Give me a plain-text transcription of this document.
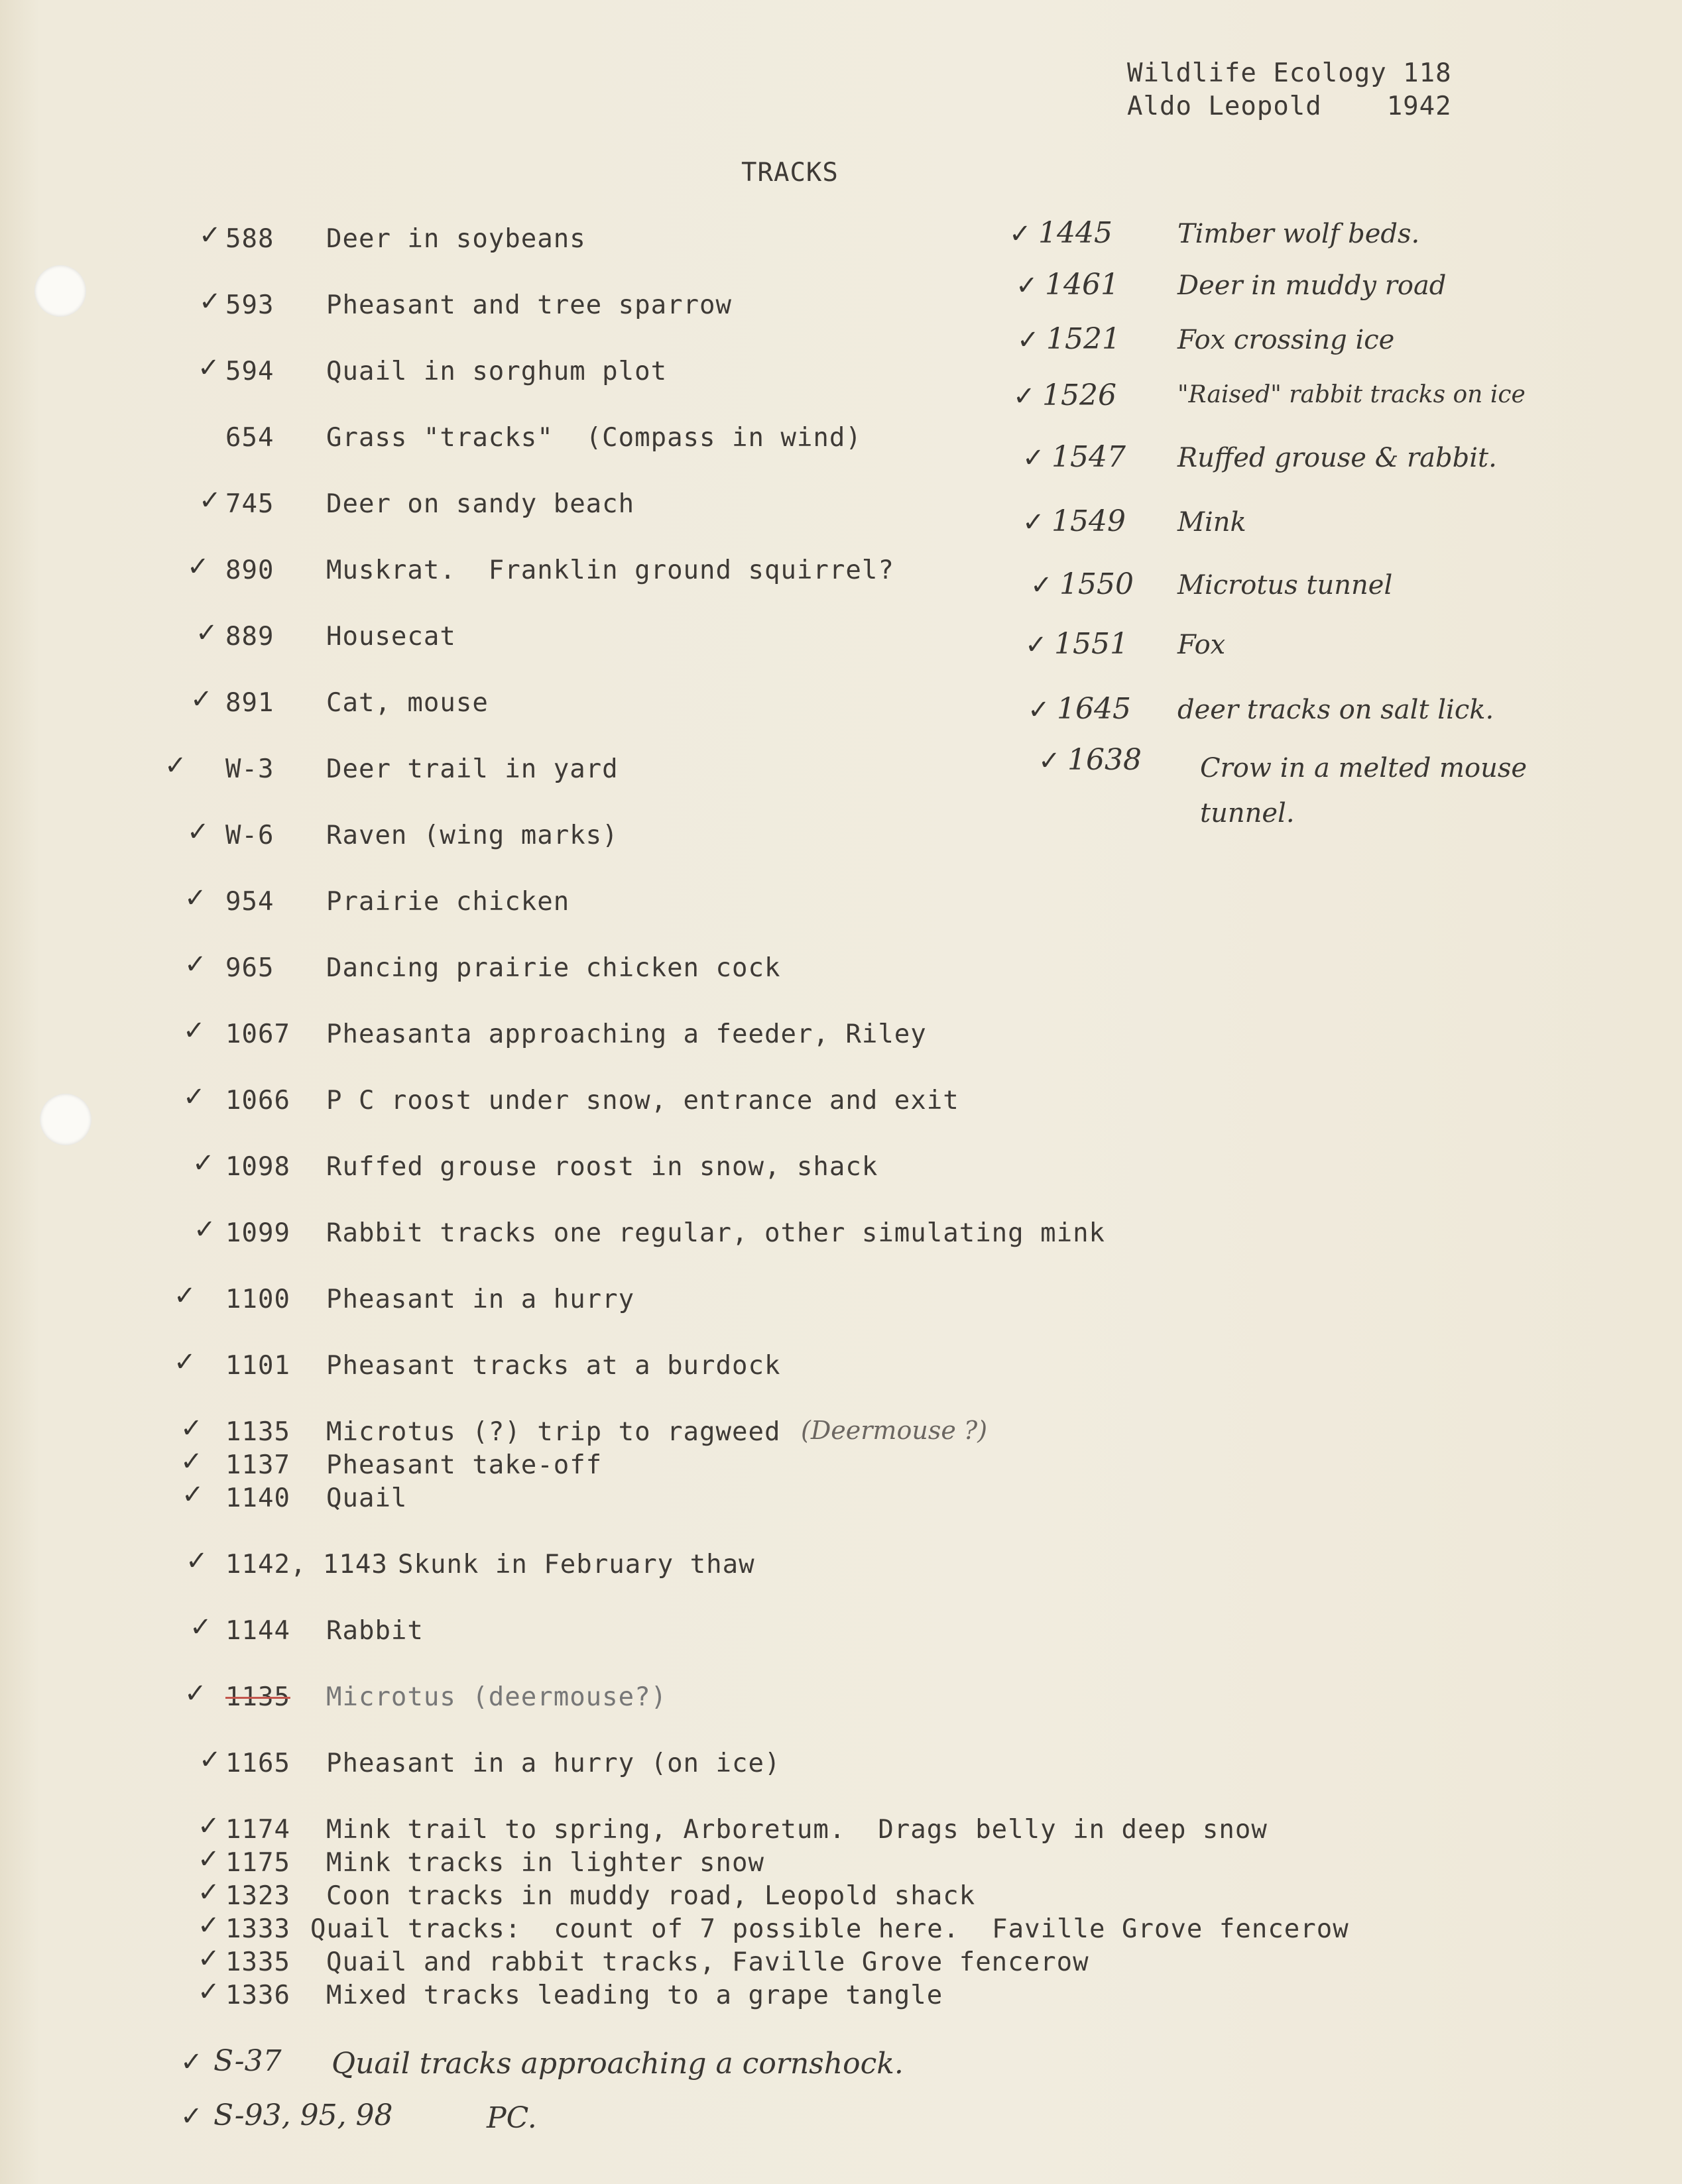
Wildlife Ecology 118
Aldo Leopold	1942
TRACKS
✓ 588 Deer in soybeans
✓ 593 Pheasant and tree sparrow
✓ 594 Quail in sorghum plot
654 Grass "tracks"  (Compass in wind)
✓ 745 Deer on sandy beach
✓ 890 Muskrat.  Franklin ground squirrel?
✓ 889 Housecat
✓ 891 Cat, mouse
✓ W-3 Deer trail in yard
✓ W-6 Raven (wing marks)
✓ 954 Prairie chicken
✓ 965 Dancing prairie chicken cock
✓ 1067 Pheasanta approaching a feeder, Riley
✓ 1066 P C roost under snow, entrance and exit
✓ 1098 Ruffed grouse roost in snow, shack
✓ 1099 Rabbit tracks one regular, other simulating mink
✓ 1100 Pheasant in a hurry
✓ 1101 Pheasant tracks at a burdock
✓ 1135 Microtus (?) trip to ragweed (Deermouse ?)
✓ 1137 Pheasant take-off
✓ 1140 Quail
✓ 1142, 1143 Skunk in February thaw
✓ 1144 Rabbit
✓ 1135 Microtus (deermouse?)
✓ 1165 Pheasant in a hurry (on ice)
✓ 1174 Mink trail to spring, Arboretum.  Drags belly in deep snow
✓ 1175 Mink tracks in lighter snow
✓ 1323 Coon tracks in muddy road, Leopold shack
✓ 1333 Quail tracks:  count of 7 possible here.  Faville Grove fencerow
✓ 1335 Quail and rabbit tracks, Faville Grove fencerow
✓ 1336 Mixed tracks leading to a grape tangle
✓ 1445 Timber wolf beds.
✓ 1461 Deer in muddy road
✓ 1521 Fox crossing ice
✓ 1526	"Raised" rabbit tracks on ice
✓ 1547 Ruffed grouse & rabbit.
✓ 1549 Mink
✓ 1550 Microtus tunnel
✓ 1551 Fox
✓ 1645 deer tracks on salt lick.
✓ 1638 Crow in a melted mouse tunnel.
✓ S-37 Quail tracks approaching a cornshock.
✓ S-93, 95, 98	PC.
